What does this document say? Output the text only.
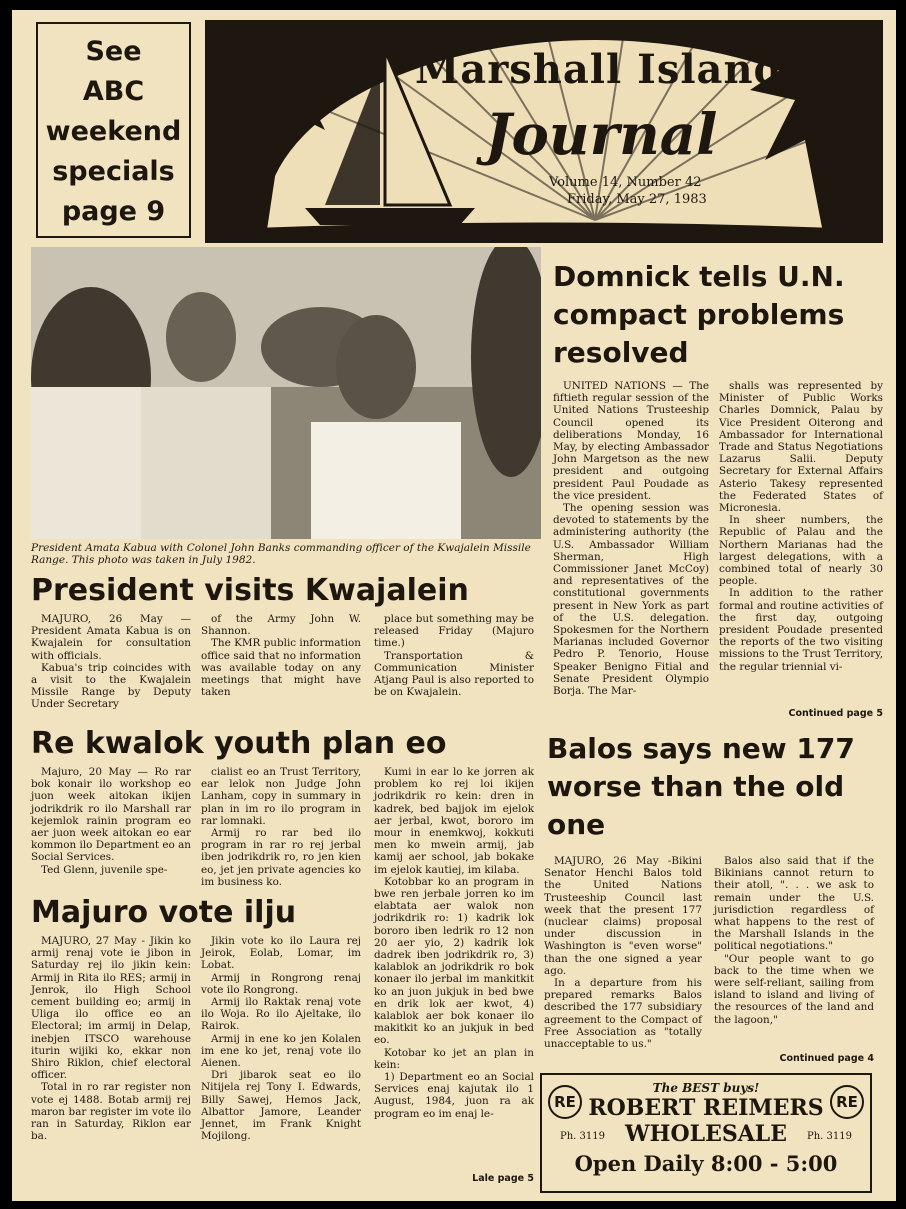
See
ABC
weekend
specials
page 9
Marshall Islands
Journal	25¢
Volume 14, Number 42
Friday, May 27, 1983
President Amata Kabua with Colonel John Banks commanding officer of the Kwajalein Missile Range. This photo was taken in July 1982.
Domnick tells U.N. compact problems resolved

UNITED NATIONS — The fiftieth regular session of the United Nations Trusteeship Council opened its deliberations Monday, 16 May, by electing Ambassador John Margetson as the new president and outgoing president Paul Poudade as the vice president.

The opening session was devoted to statements by the administering authority (the U.S. Ambassador William Sherman, High Commissioner Janet McCoy) and representatives of the constitutional governments present in New York as part of the U.S. delegation. Spokesmen for the Northern Marianas included Governor Pedro P. Tenorio, House Speaker Benigno Fitial and Senate President Olympio Borja. The Mar-

shalls was represented by Minister of Public Works Charles Domnick, Palau by Vice President Oiterong and Ambassador for International Trade and Status Negotiations Lazarus Salii. Deputy Secretary for External Affairs Asterio Takesy represented the Federated States of Micronesia.

In sheer numbers, the Republic of Palau and the Northern Marianas had the largest delegations, with a combined total of nearly 30 people.

In addition to the rather formal and routine activities of the first day, outgoing president Poudade presented the reports of the two visiting missions to the Trust Territory, the regular triennial vi-

Continued page 5
President visits Kwajalein

MAJURO, 26 May —President Amata Kabua is on Kwajalein for consultation with officials.

Kabua's trip coincides with a visit to the Kwajalein Missile Range by Deputy Under Secretary

of the Army John W. Shannon.

The KMR public information office said that no information was available today on any meetings that might have taken

place but something may be released Friday (Majuro time.)

Transportation & Communication Minister Atjang Paul is also reported to be on Kwajalein.

Re kwalok youth plan eo

Majuro, 20 May — Ro rar bok konair ilo workshop eo juon week aitokan ikijen jodrikdrik ro ilo Marshall rar kejemlok rainin program eo aer juon week aitokan eo ear kommon ilo Department eo an Social Services.

Ted Glenn, juvenile spe-

cialist eo an Trust Territory, ear lelok non Judge John Lanham, copy in summary in plan in im ro ilo program in rar lomnaki.

Armij ro rar bed ilo program in rar ro rej jerbal iben jodrikdrik ro, ro jen kien eo, jet jen private agencies ko im business ko.

Kumi in ear lo ke jorren ak problem ko rej loi ikijen jodrikdrik ro kein: dren in kadrek, bed bajjok im ejelok aer jerbal, kwot, bororo im mour in enemkwoj, kokkuti men ko mwein armij, jab kamij aer school, jab bokake im ejelok kautiej, im kilaba.

Kotobbar ko an program in bwe ren jerbale jorren ko im elabtata aer walok non jodrikdrik ro: 1) kadrik lok bororo iben ledrik ro 12 non 20 aer yio, 2) kadrik lok dadrek iben jodrikdrik ro, 3) kalablok an jodrikdrik ro bok konaer ilo jerbal im mankitkit ko an juon jukjuk in bed bwe en drik lok aer kwot, 4) kalablok aer bok konaer ilo makitkit ko an jukjuk in bed eo.

Kotobar ko jet an plan in kein:

1) Department eo an Social Services enaj kajutak ilo 1 August, 1984, juon ra ak program eo im enaj le-

Lale page 5
Majuro vote ilju

MAJURO, 27 May - Jikin ko armij renaj vote ie jibon in Saturday rej ilo jikin kein: Armij in Rita ilo RES; armij in Jenrok, ilo High School cement building eo; armij in Uliga ilo office eo an Electoral; im armij in Delap, inebjen ITSCO warehouse iturin wijiki ko, ekkar non Shiro Riklon, chief electoral officer.

Total in ro rar register non vote ej 1488. Botab armij rej maron bar register im vote ilo ran in Saturday, Riklon ear ba.

Jikin vote ko ilo Laura rej Jeirok, Eolab, Lomar, im Lobat.

Armij in Rongrong renaj vote ilo Rongrong.

Armij ilo Raktak renaj vote ilo Woja. Ro ilo Ajeltake, ilo Rairok.

Armij in ene ko jen Kolalen im ene ko jet, renaj vote ilo Aienen.

Dri jibarok seat eo ilo Nitijela rej Tony I. Edwards, Billy Sawej, Hemos Jack, Albattor Jamore, Leander Jennet, im Frank Knight Mojilong.

Balos says new 177 worse than the old one

MAJURO, 26 May -Bikini Senator Henchi Balos told the United Nations Trusteeship Council last week that the present 177 (nuclear claims) proposal under discussion in Washington is "even worse" than the one signed a year ago.

In a departure from his prepared remarks Balos described the 177 subsidiary agreement to the Compact of Free Association as "totally unacceptable to us."

Balos also said that if the Bikinians cannot return to their atoll, ". . . we ask to remain under the U.S. jurisdiction regardless of what happens to the rest of the Marshall Islands in the political negotiations."

"Our people want to go back to the time when we were self-reliant, sailing from island to island and living of the resources of the land and the lagoon,"

Continued page 4
RE	RE
The BEST buys!
ROBERT REIMERS
Ph. 3119 WHOLESALE Ph. 3119
Open Daily 8:00 - 5:00
